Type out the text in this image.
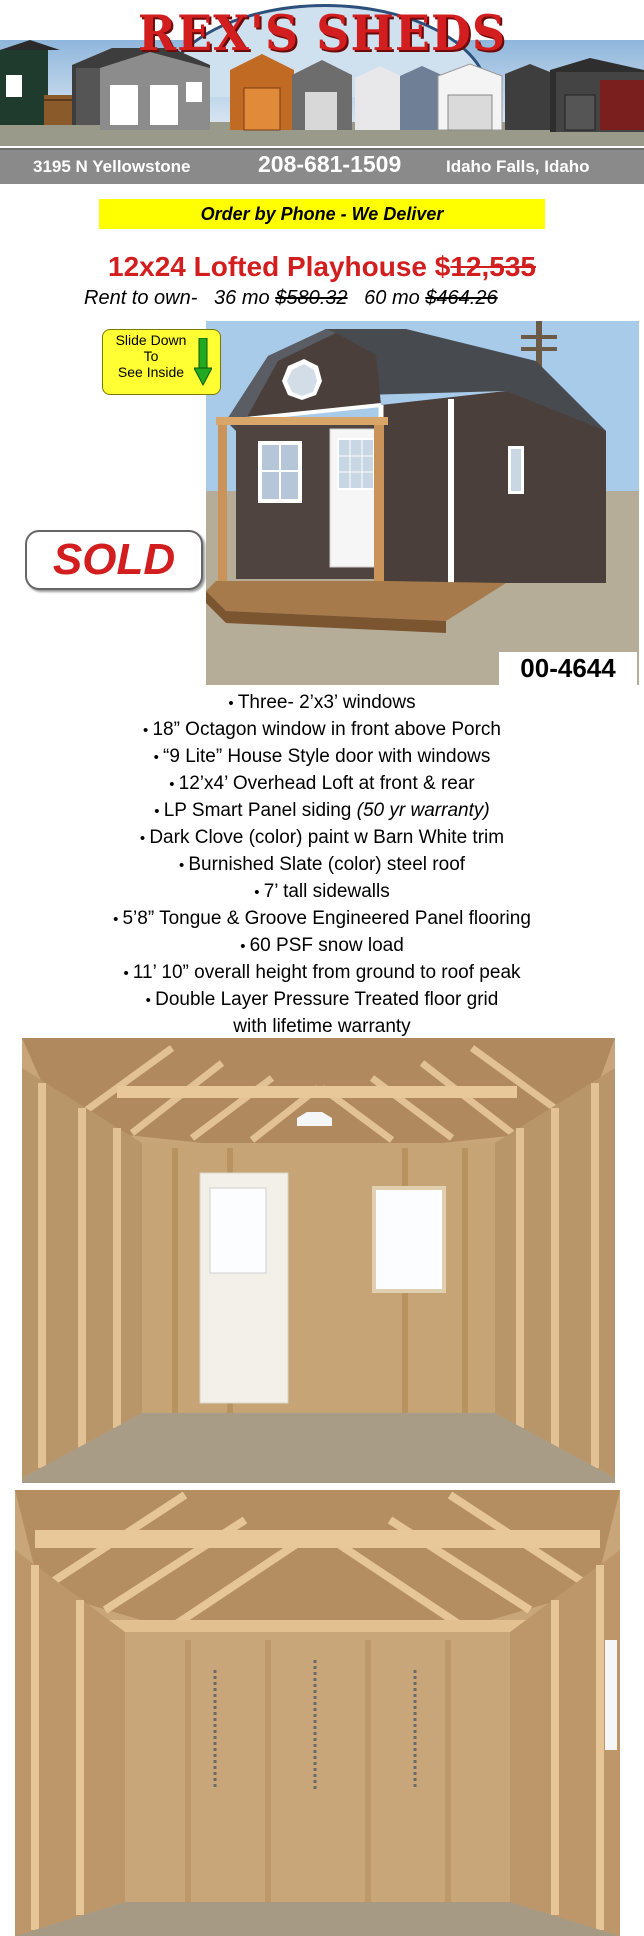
REX'S SHEDS
3195 N Yellowstone	208-681-1509	Idaho Falls, Idaho
Order by Phone - We Deliver
12x24 Lofted Playhouse $12,535
Rent to own-   36 mo $580.32   60 mo $464.26
Slide Down
To
See Inside
SOLD
00-4644
• Three- 2’x3’ windows
• 18” Octagon window in front above Porch
• “9 Lite” House Style door with windows
• 12’x4’ Overhead Loft at front & rear
• LP Smart Panel siding (50 yr warranty)
• Dark Clove (color) paint w Barn White trim
• Burnished Slate (color) steel roof
• 7’ tall sidewalls
• 5’8” Tongue & Groove Engineered Panel flooring
• 60 PSF snow load
• 11’ 10” overall height from ground to roof peak
• Double Layer Pressure Treated floor grid
with lifetime warranty
